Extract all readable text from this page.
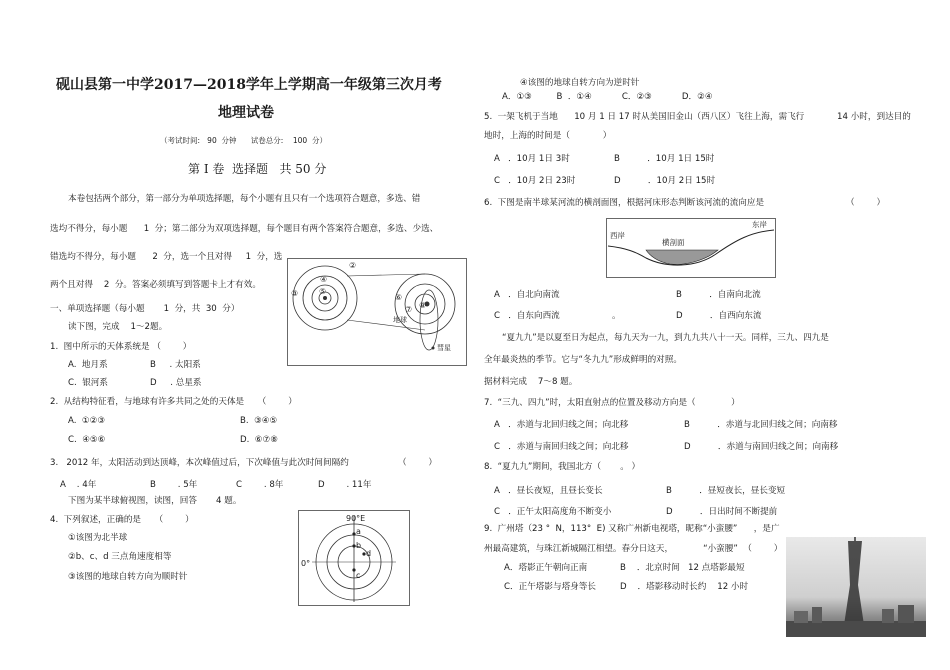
④该图的地球自转方向为逆时针
砚山县第一中学2017—2018学年上学期高一年级第三次月考
地理试卷
（考试时间:   90  分钟      试卷总分:    100  分）
第 Ⅰ 卷  选择题   共 50 分
本卷包括两个部分，第一部分为单项选择题，每个小题有且只有一个选项符合题意，多选、错
选均不得分，每小题      1  分；第二部分为双项选择题，每个题目有两个答案符合题意，多选、少选、
错选均不得分，每小题      2  分，选一个且对得     1  分，选
两个且对得    2  分。答案必须填写到答题卡上才有效。
一、单项选择题（每小题       1  分，共  30  分）
读下图，完成    1～2题。
1.  图中所示的天体系统是 （        ）
A.  地月系	B     . 太阳系
C.  银河系	D     . 总星系
2.  从结构特征看，与地球有许多共同之处的天体是     （        ）
A.  ①②③	B.  ③④⑤
C.  ④⑤⑥	D.  ⑥⑦⑧
3.   2012 年，太阳活动到达顶峰，本次峰值过后，下次峰值与此次时间间隔约                  （        ）
A    . 4年	B        . 5年	C        . 8年	D        . 11年
下图为某半球俯视图，读图，回答       4 题。
4.  下列叙述，正确的是     （        ）
①该图为北半球
②b、c、d 三点角速度相等
③该图的地球自转方向为顺时针
②
③
④
⑤
⑥
⑦ ⑧
地球
彗星
90°E
0°
a
b
c
d
A．①③         B  ．①④           C．②③           D．②④
5.  一架飞机于当地      10 月 1 日 17 时从美国旧金山（西八区）飞往上海，需飞行            14 小时，到达目的
地时，上海的时间是（            ）
A   ．10月 1日 3时	B          ．10月 1日 15时
C   ．10月 2日 23时	D          ．10月 2日 15时
6.  下图是南半球某河流的横剖面图，根据河床形态判断该河流的流向应是                              （        ）
西岸
东岸
横剖面
A   ．自北向南流	B          ．自南向北流
C   ．自东向西流	。	D          ．自西向东流
“夏九九”是以夏至日为起点，每九天为一九，到九九共八十一天。同样，三九、四九是
全年最炎热的季节。它与“冬九九”形成鲜明的对照。
据材料完成    7～8 题。
7.  “三九、四九”时，太阳直射点的位置及移动方向是（             ）
A   ．赤道与北回归线之间；向北移	B          ．赤道与北回归线之间；向南移
C   ．赤道与南回归线之间；向北移	D          ．赤道与南回归线之间；向南移
8.  “夏九九”期间，我国北方（       。 ）
A   ．昼长夜短，且昼长变长	B          ．昼短夜长，昼长变短
C   ．正午太阳高度角不断变小	D          ．日出时间不断提前
9.  广州塔（23 °  N，113°  E) 又称广州新电视塔，昵称“小蛮腰”      ，是广
州最高建筑，与珠江新城隔江相望。春分日这天，           “小蛮腰”  （        ）
A．塔影正午朝向正南	B    ．北京时间   12 点塔影最短
C．正午塔影与塔身等长	D    ．塔影移动时长约    12 小时
